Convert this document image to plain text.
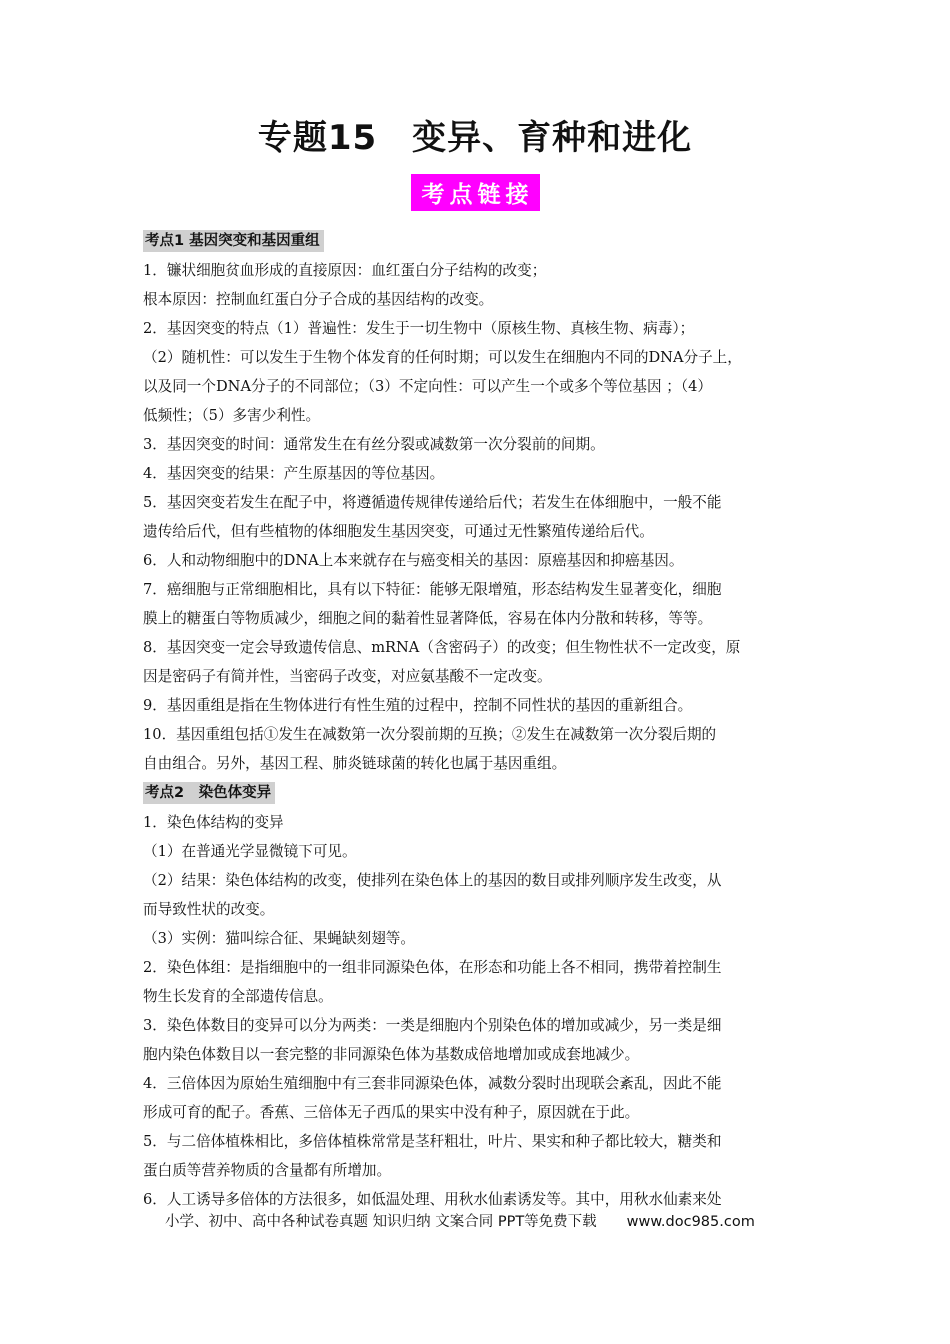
专题15　变异、育种和进化
考点链接
考点1 基因突变和基因重组
1．镰状细胞贫血形成的直接原因：血红蛋白分子结构的改变；
根本原因：控制血红蛋白分子合成的基因结构的改变。
2．基因突变的特点（1）普遍性：发生于一切生物中（原核生物、真核生物、病毒）；
（2）随机性：可以发生于生物个体发育的任何时期；可以发生在细胞内不同的DNA分子上，
以及同一个DNA分子的不同部位；（3）不定向性：可以产生一个或多个等位基因 ；（4）
低频性；（5）多害少利性。
3．基因突变的时间：通常发生在有丝分裂或减数第一次分裂前的间期。
4．基因突变的结果：产生原基因的等位基因。
5．基因突变若发生在配子中，将遵循遗传规律传递给后代；若发生在体细胞中，一般不能
遗传给后代，但有些植物的体细胞发生基因突变，可通过无性繁殖传递给后代。
6．人和动物细胞中的DNA上本来就存在与癌变相关的基因：原癌基因和抑癌基因。
7．癌细胞与正常细胞相比，具有以下特征：能够无限增殖，形态结构发生显著变化，细胞
膜上的糖蛋白等物质减少，细胞之间的黏着性显著降低，容易在体内分散和转移，等等。
8．基因突变一定会导致遗传信息、mRNA（含密码子）的改变；但生物性状不一定改变，原
因是密码子有简并性，当密码子改变，对应氨基酸不一定改变。
9．基因重组是指在生物体进行有性生殖的过程中，控制不同性状的基因的重新组合。
10．基因重组包括①发生在减数第一次分裂前期的互换；②发生在减数第一次分裂后期的
自由组合。另外，基因工程、肺炎链球菌的转化也属于基因重组。
考点2　染色体变异
1．染色体结构的变异
（1）在普通光学显微镜下可见。
（2）结果：染色体结构的改变，使排列在染色体上的基因的数目或排列顺序发生改变，从
而导致性状的改变。
（3）实例：猫叫综合征、果蝇缺刻翅等。
2．染色体组：是指细胞中的一组非同源染色体，在形态和功能上各不相同，携带着控制生
物生长发育的全部遗传信息。
3．染色体数目的变异可以分为两类：一类是细胞内个别染色体的增加或减少，另一类是细
胞内染色体数目以一套完整的非同源染色体为基数成倍地增加或成套地减少。
4．三倍体因为原始生殖细胞中有三套非同源染色体，减数分裂时出现联会紊乱，因此不能
形成可育的配子。香蕉、三倍体无子西瓜的果实中没有种子，原因就在于此。
5．与二倍体植株相比，多倍体植株常常是茎秆粗壮，叶片、果实和种子都比较大，糖类和
蛋白质等营养物质的含量都有所增加。
6．人工诱导多倍体的方法很多，如低温处理、用秋水仙素诱发等。其中，用秋水仙素来处
小学、初中、高中各种试卷真题 知识归纳 文案合同 PPT等免费下载 www.doc985.com
